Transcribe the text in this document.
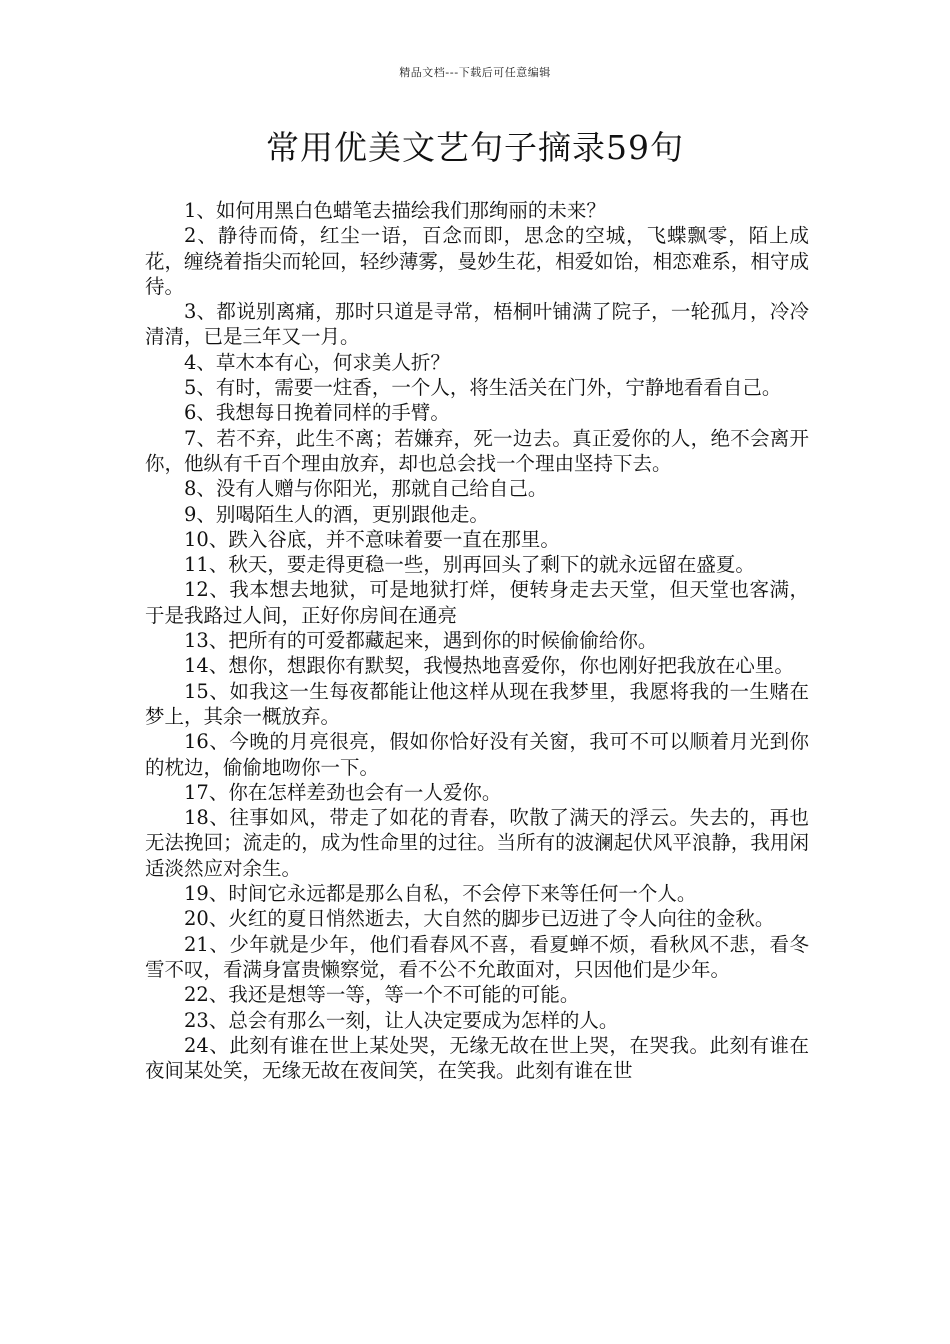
精品文档---下载后可任意编辑
常用优美文艺句子摘录59句

1、如何用黑白色蜡笔去描绘我们那绚丽的未来？

2、静待而倚，红尘一语，百念而即，思念的空城，飞蝶飘零，陌上成花，缠绕着指尖而轮回，轻纱薄雾，曼妙生花，相爱如饴，相恋难系，相守成待。

3、都说别离痛，那时只道是寻常，梧桐叶铺满了院子，一轮孤月，冷冷清清，已是三年又一月。

4、草木本有心，何求美人折？

5、有时，需要一炷香，一个人，将生活关在门外，宁静地看看自己。

6、我想每日挽着同样的手臂。

7、若不弃，此生不离；若嫌弃，死一边去。真正爱你的人，绝不会离开你，他纵有千百个理由放弃，却也总会找一个理由坚持下去。

8、没有人赠与你阳光，那就自己给自己。

9、别喝陌生人的酒，更别跟他走。

10、跌入谷底，并不意味着要一直在那里。

11、秋天，要走得更稳一些，别再回头了剩下的就永远留在盛夏。

12、我本想去地狱，可是地狱打烊，便转身走去天堂，但天堂也客满，于是我路过人间，正好你房间在通亮

13、把所有的可爱都藏起来，遇到你的时候偷偷给你。

14、想你，想跟你有默契，我慢热地喜爱你，你也刚好把我放在心里。

15、如我这一生每夜都能让他这样从现在我梦里，我愿将我的一生赌在梦上，其余一概放弃。

16、今晚的月亮很亮，假如你恰好没有关窗，我可不可以顺着月光到你的枕边，偷偷地吻你一下。

17、你在怎样差劲也会有一人爱你。

18、往事如风，带走了如花的青春，吹散了满天的浮云。失去的，再也无法挽回；流走的，成为性命里的过往。当所有的波澜起伏风平浪静，我用闲适淡然应对余生。

19、时间它永远都是那么自私，不会停下来等任何一个人。

20、火红的夏日悄然逝去，大自然的脚步已迈进了令人向往的金秋。

21、少年就是少年，他们看春风不喜，看夏蝉不烦，看秋风不悲，看冬雪不叹，看满身富贵懒察觉，看不公不允敢面对，只因他们是少年。

22、我还是想等一等，等一个不可能的可能。

23、总会有那么一刻，让人决定要成为怎样的人。

24、此刻有谁在世上某处哭，无缘无故在世上哭，在哭我。此刻有谁在夜间某处笑，无缘无故在夜间笑，在笑我。此刻有谁在世
